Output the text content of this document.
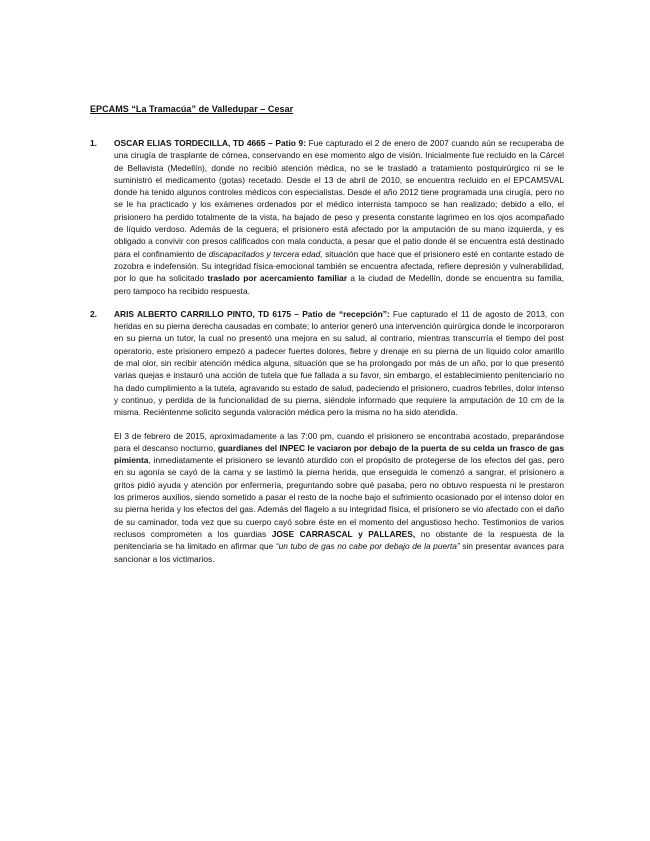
EPCAMS “La Tramacúa” de Valledupar – Cesar
1. OSCAR ELIAS TORDECILLA, TD 4665 – Patio 9: Fue capturado el 2 de enero de 2007 cuando aún se recuperaba de una cirugía de trasplante de córnea, conservando en ese momento algo de visión. Inicialmente fue recluido en la Cárcel de Bellavista (Medellín), donde no recibió atención médica, no se le trasladó a tratamiento postquirúrgico ni se le suministró el medicamento (gotas) recetado. Desde el 13 de abril de 2010, se encuentra recluido en el EPCAMSVAL donde ha tenido algunos controles médicos con especialistas. Desde el año 2012 tiene programada una cirugía, pero no se le ha practicado y los exámenes ordenados por el médico internista tampoco se han realizado; debido a ello, el prisionero ha perdido totalmente de la vista, ha bajado de peso y presenta constante lagrimeo en los ojos acompañado de líquido verdoso. Además de la ceguera, el prisionero está afectado por la amputación de su mano izquierda, y es obligado a convivir con presos calificados con mala conducta, a pesar que el patio donde él se encuentra está destinado para el confinamiento de discapacitados y tercera edad, situación que hace que el prisionero esté en contante estado de zozobra e indefensión. Su integridad física-emocional también se encuentra afectada, refiere depresión y vulnerabilidad, por lo que ha solicitado traslado por acercamiento familiar a la ciudad de Medellín, donde se encuentra su familia, pero tampoco ha recibido respuesta.

2. ARIS ALBERTO CARRILLO PINTO, TD 6175 – Patio de “recepción”: Fue capturado el 11 de agosto de 2013, con heridas en su pierna derecha causadas en combate; lo anterior generó una intervención quirúrgica donde le incorporaron en su pierna un tutor, la cual no presentó una mejora en su salud, al contrario, mientras transcurría el tiempo del post operatorio, este prisionero empezó a padecer fuertes dolores, fiebre y drenaje en su pierna de un líquido color amarillo de mal olor, sin recibir atención médica alguna, situación que se ha prolongado por más de un año, por lo que presentó varias quejas e instauró una acción de tutela que fue fallada a su favor, sin embargo, el establecimiento penitenciario no ha dado cumplimiento a la tutela, agravando su estado de salud, padeciendo el prisionero, cuadros febriles, dolor intenso y continuo, y perdida de la funcionalidad de su pierna, siéndole informado que requiere la amputación de 10 cm de la misma. Reciéntenme solicito segunda valoración médica pero la misma no ha sido atendida.

El 3 de febrero de 2015, aproximadamente a las 7:00 pm, cuando el prisionero se encontraba acostado, preparándose para el descanso nocturno, guardianes del INPEC le vaciaron por debajo de la puerta de su celda un frasco de gas pimienta, inmediatamente el prisionero se levantó aturdido con el propósito de protegerse de los efectos del gas, pero en su agonía se cayó de la cama y se lastimó la pierna herida, que enseguida le comenzó a sangrar, el prisionero a gritos pidió ayuda y atención por enfermería, preguntando sobre qué pasaba, pero no obtuvo respuesta ni le prestaron los primeros auxilios, siendo sometido a pasar el resto de la noche bajo el sufrimiento ocasionado por el intenso dolor en su pierna herida y los efectos del gas. Además del flagelo a su integridad física, el prisionero se vio afectado con el daño de su caminador, toda vez que su cuerpo cayó sobre éste en el momento del angustioso hecho. Testimonios de varios reclusos comprometen a los guardias JOSE CARRASCAL y PALLARES, no obstante de la respuesta de la penitenciaria se ha limitado en afirmar que “un tubo de gas no cabe por debajo de la puerta” sin presentar avances para sancionar a los victimarios.
